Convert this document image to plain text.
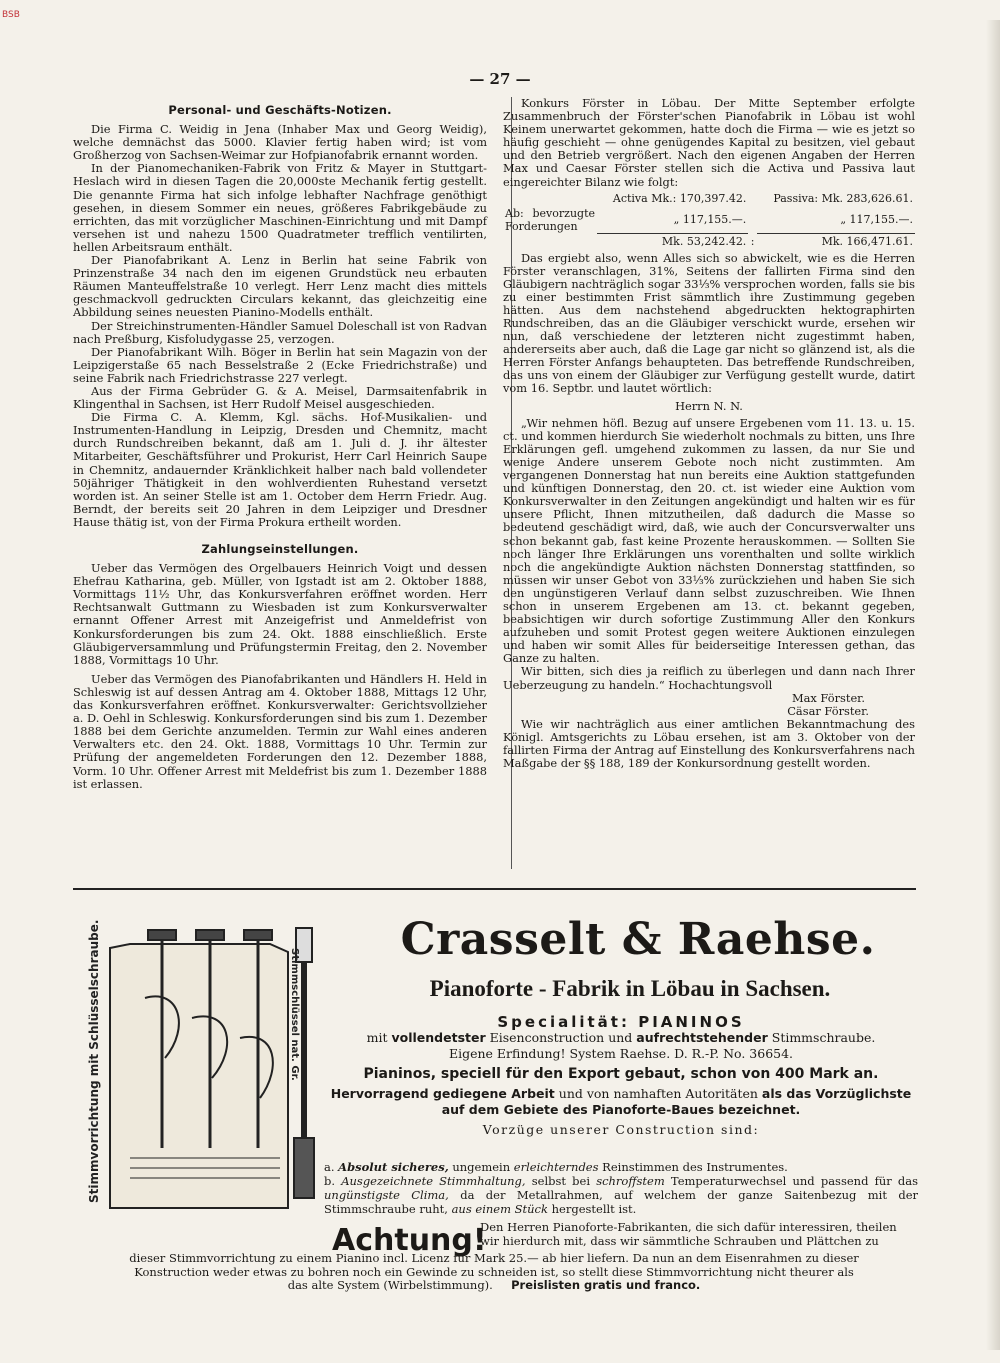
BSB
— 27 —
Personal- und Geschäfts-Notizen.

Die Firma C. Weidig in Jena (Inhaber Max und Georg Weidig), welche demnächst das 5000. Klavier fertig haben wird; ist vom Großherzog von Sachsen-Weimar zur Hofpianofabrik ernannt worden.

In der Pianomechaniken-Fabrik von Fritz & Mayer in Stuttgart-Heslach wird in diesen Tagen die 20,000ste Mechanik fertig gestellt. Die genannte Firma hat sich infolge lebhafter Nachfrage genöthigt gesehen, in diesem Sommer ein neues, größeres Fabrikgebäude zu errichten, das mit vorzüglicher Maschinen-Einrichtung und mit Dampf versehen ist und nahezu 1500 Quadratmeter trefflich ventilirten, hellen Arbeitsraum enthält.

Der Pianofabrikant A. Lenz in Berlin hat seine Fabrik von Prinzenstraße 34 nach den im eigenen Grundstück neu erbauten Räumen Manteuffelstraße 10 verlegt. Herr Lenz macht dies mittels geschmackvoll gedruckten Circulars kekannt, das gleichzeitig eine Abbildung seines neuesten Pianino-Modells enthält.

Der Streichinstrumenten-Händler Samuel Doleschall ist von Radvan nach Preßburg, Kisfoludygasse 25, verzogen.

Der Pianofabrikant Wilh. Böger in Berlin hat sein Magazin von der Leipzigerstaße 65 nach Besselstraße 2 (Ecke Friedrichstraße) und seine Fabrik nach Friedrichstrasse 227 verlegt.

Aus der Firma Gebrüder G. & A. Meisel, Darmsaitenfabrik in Klingenthal in Sachsen, ist Herr Rudolf Meisel ausgeschieden.

Die Firma C. A. Klemm, Kgl. sächs. Hof-Musikalien- und Instrumenten-Handlung in Leipzig, Dresden und Chemnitz, macht durch Rundschreiben bekannt, daß am 1. Juli d. J. ihr ältester Mitarbeiter, Geschäftsführer und Prokurist, Herr Carl Heinrich Saupe in Chemnitz, andauernder Kränklichkeit halber nach bald vollendeter 50jähriger Thätigkeit in den wohlverdienten Ruhestand versetzt worden ist. An seiner Stelle ist am 1. October dem Herrn Friedr. Aug. Berndt, der bereits seit 20 Jahren in dem Leipziger und Dresdner Hause thätig ist, von der Firma Prokura ertheilt worden.

Zahlungseinstellungen.

Ueber das Vermögen des Orgelbauers Heinrich Voigt und dessen Ehefrau Katharina, geb. Müller, von Igstadt ist am 2. Oktober 1888, Vormittags 11½ Uhr, das Konkursverfahren eröffnet worden. Herr Rechtsanwalt Guttmann zu Wiesbaden ist zum Konkursverwalter ernannt Offener Arrest mit Anzeigefrist und Anmeldefrist von Konkursforderungen bis zum 24. Okt. 1888 einschließlich. Erste Gläubigerversammlung und Prüfungstermin Freitag, den 2. November 1888, Vormittags 10 Uhr.

Ueber das Vermögen des Pianofabrikanten und Händlers H. Held in Schleswig ist auf dessen Antrag am 4. Oktober 1888, Mittags 12 Uhr, das Konkursverfahren eröffnet. Konkursverwalter: Gerichtsvollzieher a. D. Oehl in Schleswig. Konkursforderungen sind bis zum 1. Dezember 1888 bei dem Gerichte anzumelden. Termin zur Wahl eines anderen Verwalters etc. den 24. Okt. 1888, Vormittags 10 Uhr. Termin zur Prüfung der angemeldeten Forderungen den 12. Dezember 1888, Vorm. 10 Uhr. Offener Arrest mit Meldefrist bis zum 1. Dezember 1888 ist erlassen.

Konkurs Förster in Löbau. Der Mitte September erfolgte Zusammenbruch der Förster'schen Pianofabrik in Löbau ist wohl Keinem unerwartet gekommen, hatte doch die Firma — wie es jetzt so häufig geschieht — ohne genügendes Kapital zu besitzen, viel gebaut und den Betrieb vergrößert. Nach den eigenen Angaben der Herren Max und Caesar Förster stellen sich die Activa und Passiva laut eingereichter Bilanz wie folgt:

	Activa Mk.: 170,397.42.		Passiva: Mk. 283,626.61.
Ab: bevorzugte Forderungen	„ 117,155.—.		„ 117,155.—.
	Mk. 53,242.42.	:	Mk. 166,471.61.

Das ergiebt also, wenn Alles sich so abwickelt, wie es die Herren Förster veranschlagen, 31%, Seitens der fallirten Firma sind den Gläubigern nachträglich sogar 33⅓% versprochen worden, falls sie bis zu einer bestimmten Frist sämmtlich ihre Zustimmung gegeben hätten. Aus dem nachstehend abgedruckten hektographirten Rundschreiben, das an die Gläubiger verschickt wurde, ersehen wir nun, daß verschiedene der letzteren nicht zugestimmt haben, andererseits aber auch, daß die Lage gar nicht so glänzend ist, als die Herren Förster Anfangs behaupteten. Das betreffende Rundschreiben, das uns von einem der Gläubiger zur Verfügung gestellt wurde, datirt vom 16. Septbr. und lautet wörtlich:

Herrn N. N.

„Wir nehmen höfl. Bezug auf unsere Ergebenen vom 11. 13. u. 15. ct. und kommen hierdurch Sie wiederholt nochmals zu bitten, uns Ihre Erklärungen gefl. umgehend zukommen zu lassen, da nur Sie und wenige Andere unserem Gebote noch nicht zustimmten. Am vergangenen Donnerstag hat nun bereits eine Auktion stattgefunden und künftigen Donnerstag, den 20. ct. ist wieder eine Auktion vom Konkursverwalter in den Zeitungen angekündigt und halten wir es für unsere Pflicht, Ihnen mitzutheilen, daß dadurch die Masse so bedeutend geschädigt wird, daß, wie auch der Concursverwalter uns schon bekannt gab, fast keine Prozente herauskommen. — Sollten Sie noch länger Ihre Erklärungen uns vorenthalten und sollte wirklich noch die angekündigte Auktion nächsten Donnerstag stattfinden, so müssen wir unser Gebot von 33⅓% zurückziehen und haben Sie sich den ungünstigeren Verlauf dann selbst zuzuschreiben. Wie Ihnen schon in unserem Ergebenen am 13. ct. bekannt gegeben, beabsichtigen wir durch sofortige Zustimmung Aller den Konkurs aufzuheben und somit Protest gegen weitere Auktionen einzulegen und haben wir somit Alles für beiderseitige Interessen gethan, das Ganze zu halten.

Wir bitten, sich dies ja reiflich zu überlegen und dann nach Ihrer Ueberzeugung zu handeln.“ Hochachtungsvoll

Max Förster.

Cäsar Förster.

Wie wir nachträglich aus einer amtlichen Bekanntmachung des Königl. Amtsgerichts zu Löbau ersehen, ist am 3. Oktober von der fallirten Firma der Antrag auf Einstellung des Konkursverfahrens nach Maßgabe der §§ 188, 189 der Konkursordnung gestellt worden.

Stimmvorrichtung mit Schlüsselschraube.	Stimmschlüssel nat. Gr.
Crasselt & Raehse.
Pianoforte - Fabrik in Löbau in Sachsen.
Specialität: PIANINOS
mit vollendetster Eisenconstruction und aufrechtstehender Stimmschraube.
Eigene Erfindung! System Raehse. D. R.-P. No. 36654.
Pianinos, speciell für den Export gebaut, schon von 400 Mark an.
Hervorragend gediegene Arbeit und von namhaften Autoritäten als das Vorzüglichste
auf dem Gebiete des Pianoforte-Baues bezeichnet.
Vorzüge unserer Construction sind:
a. Absolut sicheres, ungemein erleichterndes Reinstimmen des Instrumentes.
b. Ausgezeichnete Stimmhaltung, selbst bei schroffstem Temperaturwechsel und passend für das ungünstigste Clima, da der Metallrahmen, auf welchem der ganze Saitenbezug mit der Stimmschraube ruht, aus einem Stück hergestellt ist.
Achtung!
Den Herren Pianoforte-Fabrikanten, die sich dafür interessiren, theilen wir hierdurch mit, dass wir sämmtliche Schrauben und Plättchen zu
dieser Stimmvorrichtung zu einem Pianino incl. Licenz für Mark 25.— ab hier liefern. Da nun an dem Eisenrahmen zu dieser
Konstruction weder etwas zu bohren noch ein Gewinde zu schneiden ist, so stellt diese Stimmvorrichtung nicht theurer als
das alte System (Wirbelstimmung). Preislisten gratis und franco.
